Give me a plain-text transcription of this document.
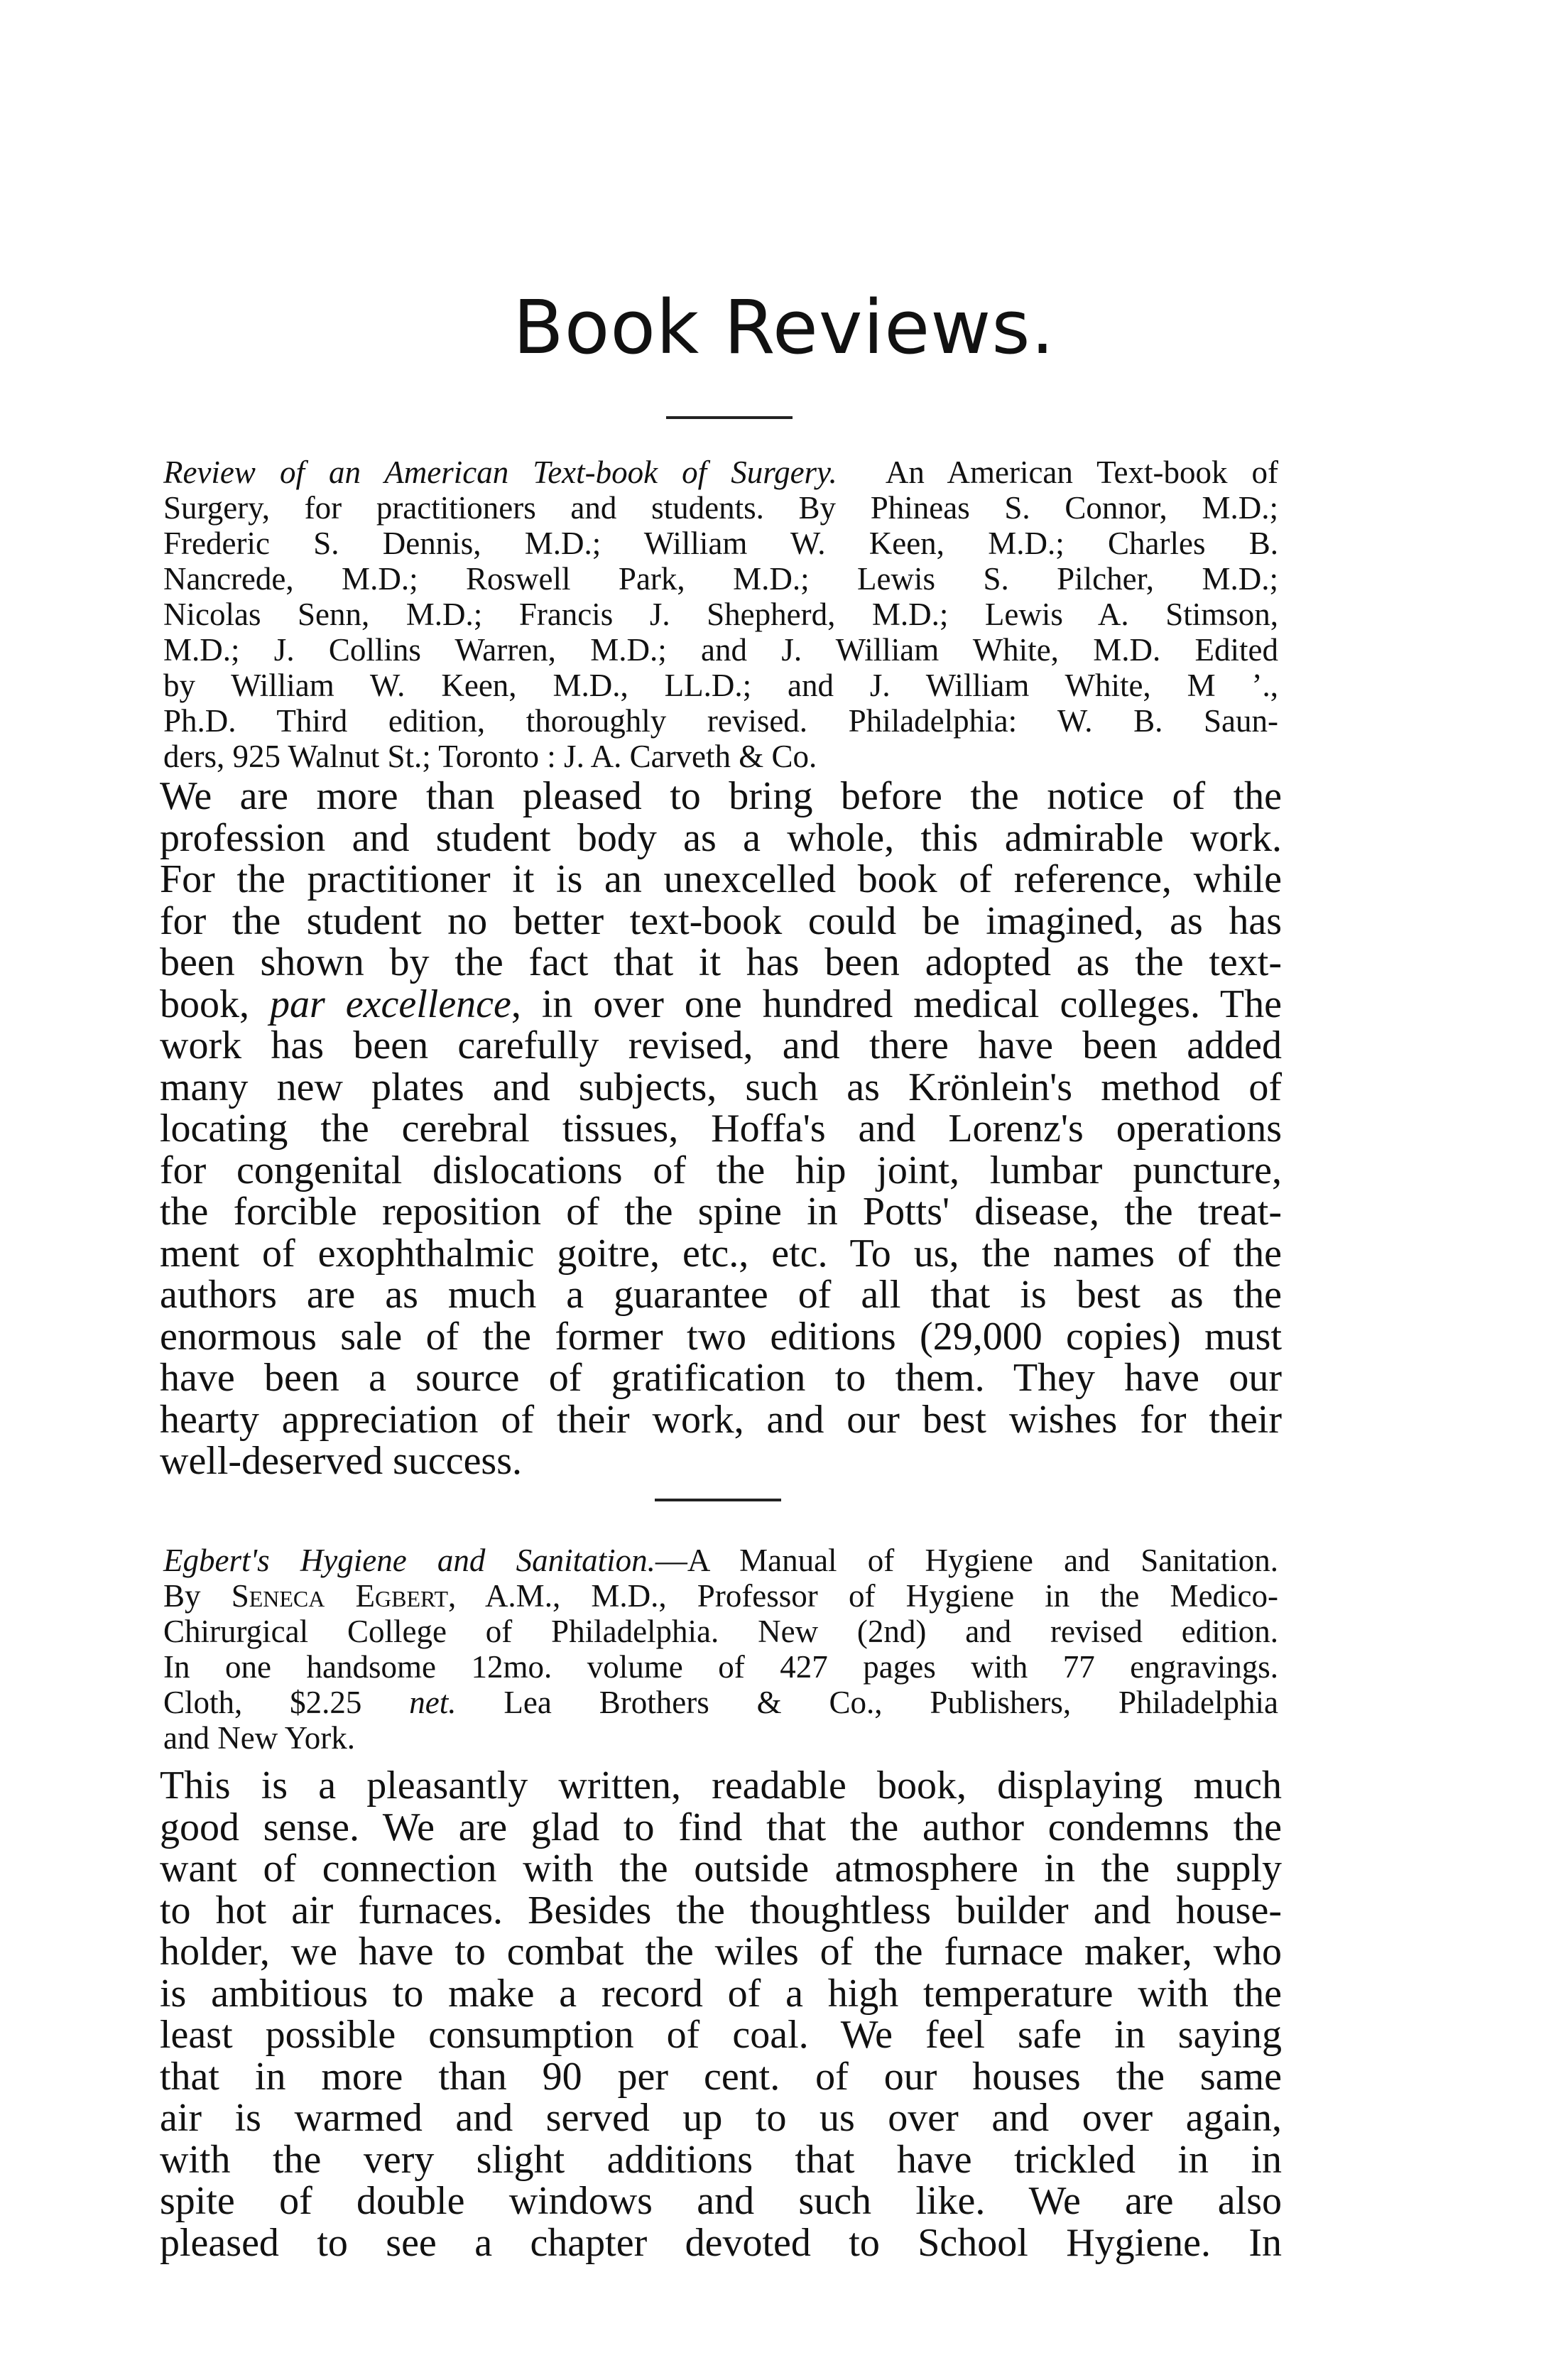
Book Reviews.
Review of an American Text-book of Surgery. An American Text-book of
Surgery, for practitioners and students. By Phineas S. Connor, M.D.;
Frederic S. Dennis, M.D.; William W. Keen, M.D.; Charles B.
Nancrede, M.D.; Roswell Park, M.D.; Lewis S. Pilcher, M.D.;
Nicolas Senn, M.D.; Francis J. Shepherd, M.D.; Lewis A. Stimson,
M.D.; J. Collins Warren, M.D.; and J. William White, M.D. Edited
by William W. Keen, M.D., LL.D.; and J. William White, M ʼ.,
Ph.D. Third edition, thoroughly revised. Philadelphia: W. B. Saun-
ders, 925 Walnut St.; Toronto : J. A. Carveth & Co.
We are more than pleased to bring before the notice of the
profession and student body as a whole, this admirable work.
For the practitioner it is an unexcelled book of reference, while
for the student no better text-book could be imagined, as has
been shown by the fact that it has been adopted as the text-
book, par excellence, in over one hundred medical colleges. The
work has been carefully revised, and there have been added
many new plates and subjects, such as Krönlein's method of
locating the cerebral tissues, Hoffa's and Lorenz's operations
for congenital dislocations of the hip joint, lumbar puncture,
the forcible reposition of the spine in Potts' disease, the treat-
ment of exophthalmic goitre, etc., etc. To us, the names of the
authors are as much a guarantee of all that is best as the
enormous sale of the former two editions (29,000 copies) must
have been a source of gratification to them. They have our
hearty appreciation of their work, and our best wishes for their
well-deserved success.
Egbert's Hygiene and Sanitation.—A Manual of Hygiene and Sanitation.
By Seneca Egbert, A.M., M.D., Professor of Hygiene in the Medico-
Chirurgical College of Philadelphia. New (2nd) and revised edition.
In one handsome 12mo. volume of 427 pages with 77 engravings.
Cloth, $2.25 net. Lea Brothers & Co., Publishers, Philadelphia
and New York.
This is a pleasantly written, readable book, displaying much
good sense. We are glad to find that the author condemns the
want of connection with the outside atmosphere in the supply
to hot air furnaces. Besides the thoughtless builder and house-
holder, we have to combat the wiles of the furnace maker, who
is ambitious to make a record of a high temperature with the
least possible consumption of coal. We feel safe in saying
that in more than 90 per cent. of our houses the same
air is warmed and served up to us over and over again,
with the very slight additions that have trickled in in
spite of double windows and such like. We are also
pleased to see a chapter devoted to School Hygiene. In
